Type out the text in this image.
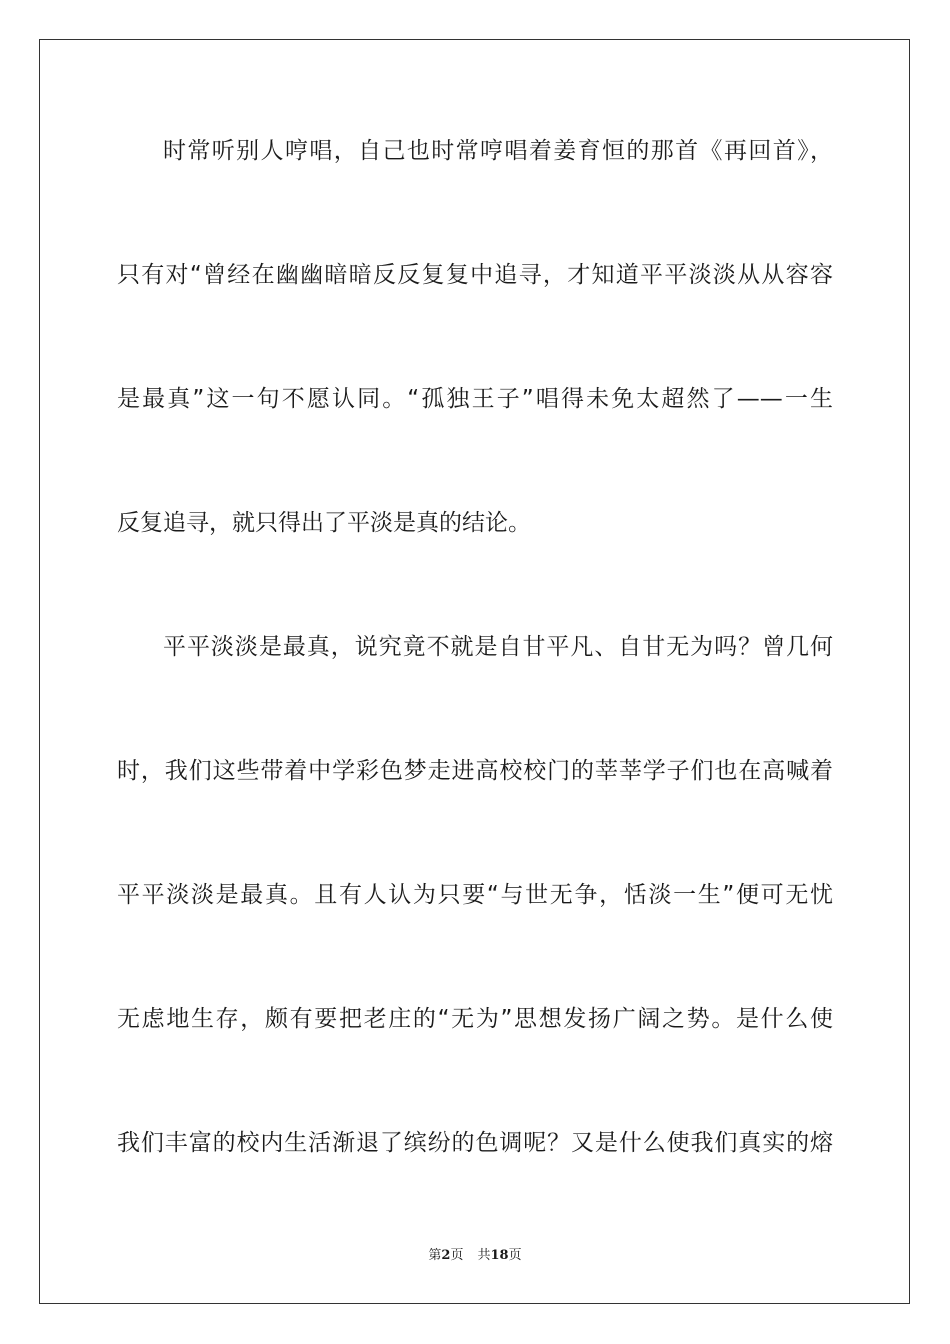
时常听别人哼唱，自己也时常哼唱着姜育恒的那首《再回首》，
只有对“曾经在幽幽暗暗反反复复中追寻，才知道平平淡淡从从容容
是最真”这一句不愿认同。“孤独王子”唱得未免太超然了——一生
反复追寻，就只得出了平淡是真的结论。
平平淡淡是最真，说究竟不就是自甘平凡、自甘无为吗？曾几何
时，我们这些带着中学彩色梦走进高校校门的莘莘学子们也在高喊着
平平淡淡是最真。且有人认为只要“与世无争，恬淡一生”便可无忧
无虑地生存，颇有要把老庄的“无为”思想发扬广阔之势。是什么使
我们丰富的校内生活渐退了缤纷的色调呢？又是什么使我们真实的熔
第2页 共18页
